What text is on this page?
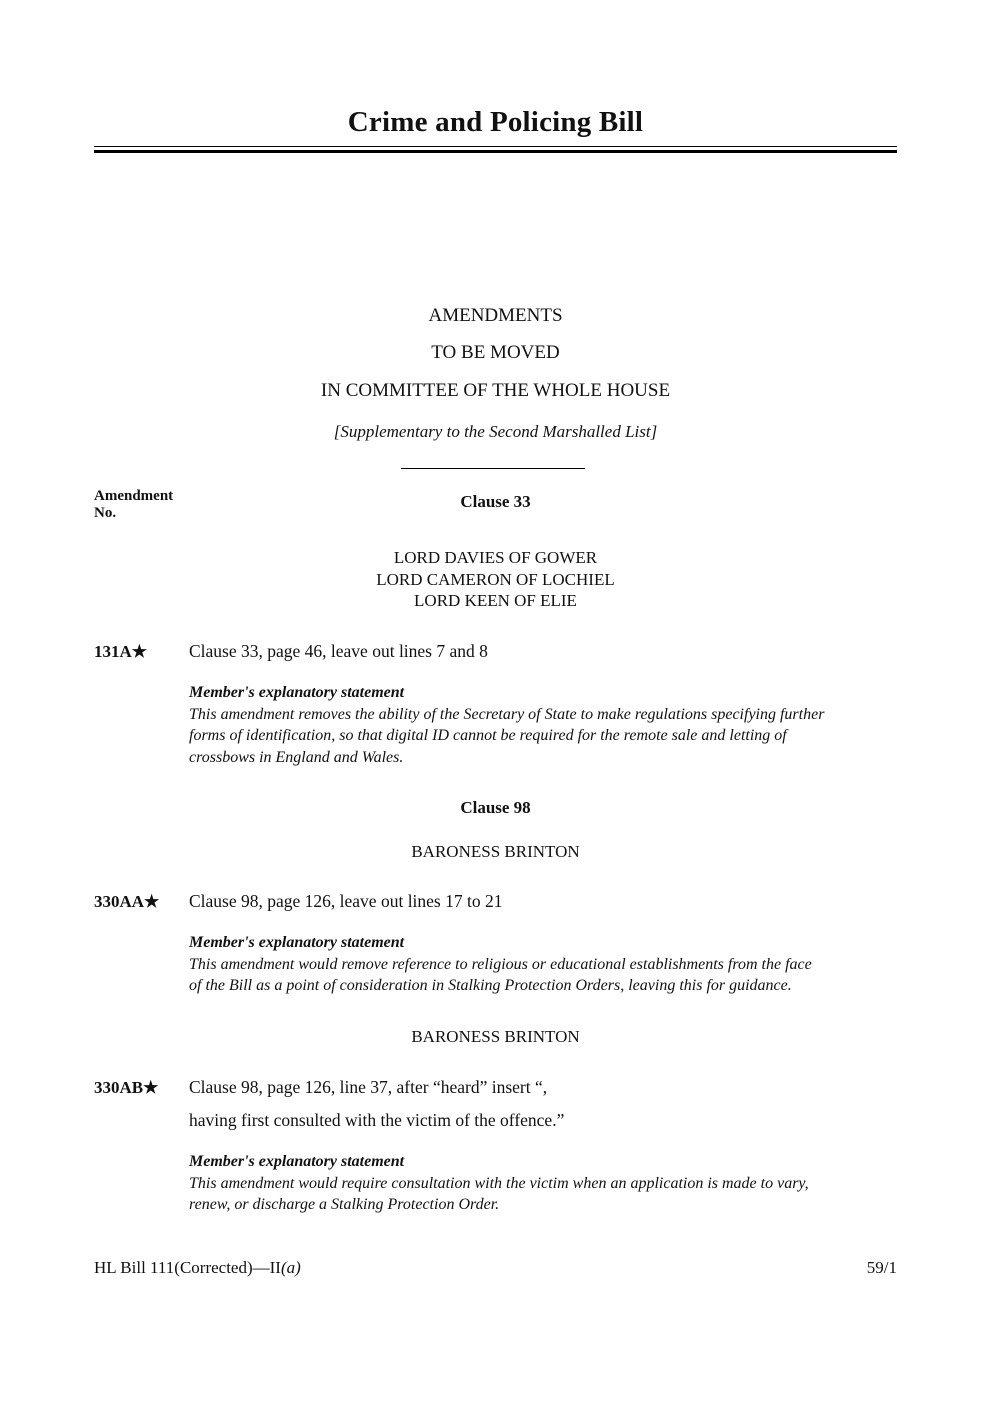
Crime and Policing Bill
AMENDMENTS
TO BE MOVED
IN COMMITTEE OF THE WHOLE HOUSE
[Supplementary to the Second Marshalled List]
Amendment
No.
Clause 33
LORD DAVIES OF GOWER
LORD CAMERON OF LOCHIEL
LORD KEEN OF ELIE
131A★ Clause 33, page 46, leave out lines 7 and 8
Member's explanatory statement
This amendment removes the ability of the Secretary of State to make regulations specifying further
forms of identification, so that digital ID cannot be required for the remote sale and letting of
crossbows in England and Wales.
Clause 98
BARONESS BRINTON
330AA★ Clause 98, page 126, leave out lines 17 to 21
Member's explanatory statement
This amendment would remove reference to religious or educational establishments from the face
of the Bill as a point of consideration in Stalking Protection Orders, leaving this for guidance.
BARONESS BRINTON
330AB★ Clause 98, page 126, line 37, after “heard” insert “,
having first consulted with the victim of the offence.”
Member's explanatory statement
This amendment would require consultation with the victim when an application is made to vary,
renew, or discharge a Stalking Protection Order.
HL Bill 111(Corrected)—II(a)	59/1
